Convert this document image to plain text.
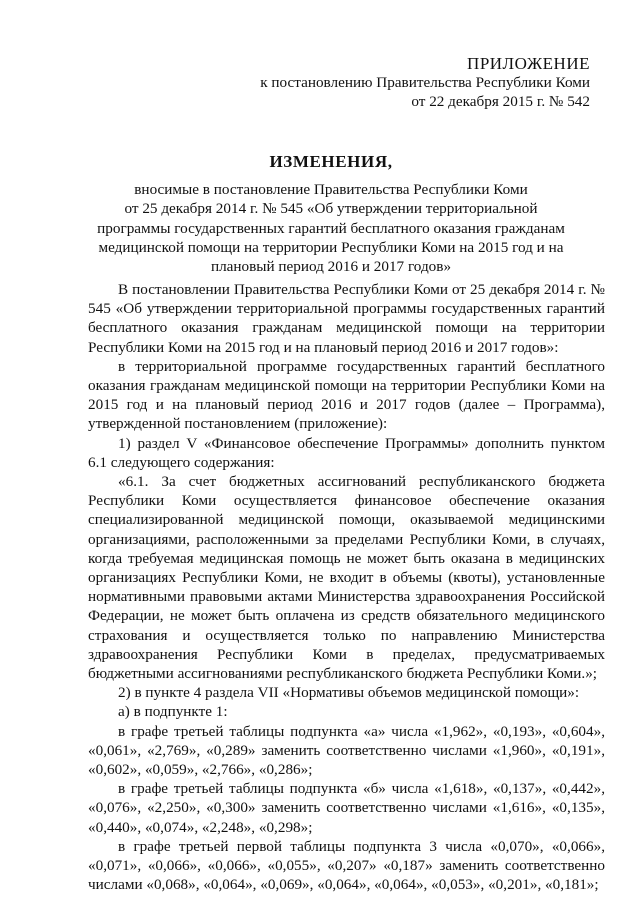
ПРИЛОЖЕНИЕ
к постановлению Правительства Республики Коми
от 22 декабря 2015 г. № 542
ИЗМЕНЕНИЯ,
вносимые в постановление Правительства Республики Коми
от 25 декабря 2014 г. № 545 «Об утверждении территориальной
программы государственных гарантий бесплатного оказания гражданам
медицинской помощи на территории Республики Коми на 2015 год и на
плановый период 2016 и 2017 годов»

В постановлении Правительства Республики Коми от 25 декабря 2014 г. № 545 «Об утверждении территориальной программы государственных гарантий бесплатного оказания гражданам медицинской помощи на территории Республики Коми на 2015 год и на плановый период 2016 и 2017 годов»:

в территориальной программе государственных гарантий бесплатного оказания гражданам медицинской помощи на территории Республики Коми на 2015 год и на плановый период 2016 и 2017 годов (далее – Программа), утвержденной постановлением (приложение):

1) раздел V «Финансовое обеспечение Программы» дополнить пунктом 6.1 следующего содержания:

«6.1. За счет бюджетных ассигнований республиканского бюджета Республики Коми осуществляется финансовое обеспечение оказания специализированной медицинской помощи, оказываемой медицинскими организациями, расположенными за пределами Республики Коми, в случаях, когда требуемая медицинская помощь не может быть оказана в медицинских организациях Республики Коми, не входит в объемы (квоты), установленные нормативными правовыми актами Министерства здравоохранения Российской Федерации, не может быть оплачена из средств обязательного медицинского страхования и осуществляется только по направлению Министерства здравоохранения Республики Коми в пределах, предусматриваемых бюджетными ассигнованиями республиканского бюджета Республики Коми.»;

2) в пункте 4 раздела VII «Нормативы объемов медицинской помощи»:

а) в подпункте 1:

в графе третьей таблицы подпункта «а» числа «1,962», «0,193», «0,604», «0,061», «2,769», «0,289» заменить соответственно числами «1,960», «0,191», «0,602», «0,059», «2,766», «0,286»;

в графе третьей таблицы подпункта «б» числа «1,618», «0,137», «0,442», «0,076», «2,250», «0,300» заменить соответственно числами «1,616», «0,135», «0,440», «0,074», «2,248», «0,298»;

в графе третьей первой таблицы подпункта 3 числа «0,070», «0,066», «0,071», «0,066», «0,066», «0,055», «0,207» «0,187» заменить соответственно числами «0,068», «0,064», «0,069», «0,064», «0,064», «0,053», «0,201», «0,181»;
